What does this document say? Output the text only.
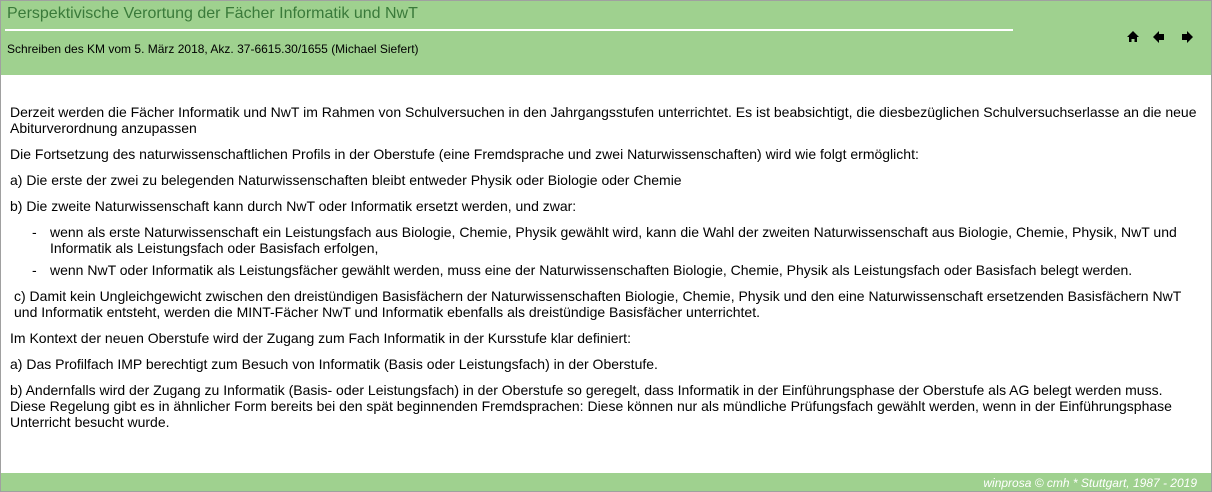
Perspektivische Verortung der Fächer Informatik und NwT
Schreiben des KM vom 5. März 2018, Akz. 37-6615.30/1655 (Michael Siefert)

Derzeit werden die Fächer Informatik und NwT im Rahmen von Schulversuchen in den Jahrgangsstufen unterrichtet. Es ist beabsichtigt, die diesbezüglichen Schulversuchserlasse an die neue Abiturverordnung anzupassen

Die Fortsetzung des naturwissenschaftlichen Profils in der Oberstufe (eine Fremdsprache und zwei Naturwissenschaften) wird wie folgt ermöglicht:

a) Die erste der zwei zu belegenden Naturwissenschaften bleibt entweder Physik oder Biologie oder Chemie

b) Die zweite Naturwissenschaft kann durch NwT oder Informatik ersetzt werden, und zwar:

- wenn als erste Naturwissenschaft ein Leistungsfach aus Biologie, Chemie, Physik gewählt wird, kann die Wahl der zweiten Naturwissenschaft aus Biologie, Chemie, Physik, NwT und Informatik als Leistungsfach oder Basisfach erfolgen,
- wenn NwT oder Informatik als Leistungsfächer gewählt werden, muss eine der Naturwissenschaften Biologie, Chemie, Physik als Leistungsfach oder Basisfach belegt werden.

c) Damit kein Ungleichgewicht zwischen den dreistündigen Basisfächern der Naturwissenschaften Biologie, Chemie, Physik und den eine Naturwissenschaft ersetzenden Basisfächern NwT und Informatik entsteht, werden die MINT-Fächer NwT und Informatik ebenfalls als dreistündige Basisfächer unterrichtet.

Im Kontext der neuen Oberstufe wird der Zugang zum Fach Informatik in der Kursstufe klar definiert:

a) Das Profilfach IMP berechtigt zum Besuch von Informatik (Basis oder Leistungsfach) in der Oberstufe.

b) Andernfalls wird der Zugang zu Informatik (Basis- oder Leistungsfach) in der Oberstufe so geregelt, dass Informatik in der Einführungsphase der Oberstufe als AG belegt werden muss. Diese Regelung gibt es in ähnlicher Form bereits bei den spät beginnenden Fremdsprachen: Diese können nur als mündliche Prüfungsfach gewählt werden, wenn in der Einführungsphase Unterricht besucht wurde.

winprosa © cmh * Stuttgart, 1987 - 2019
